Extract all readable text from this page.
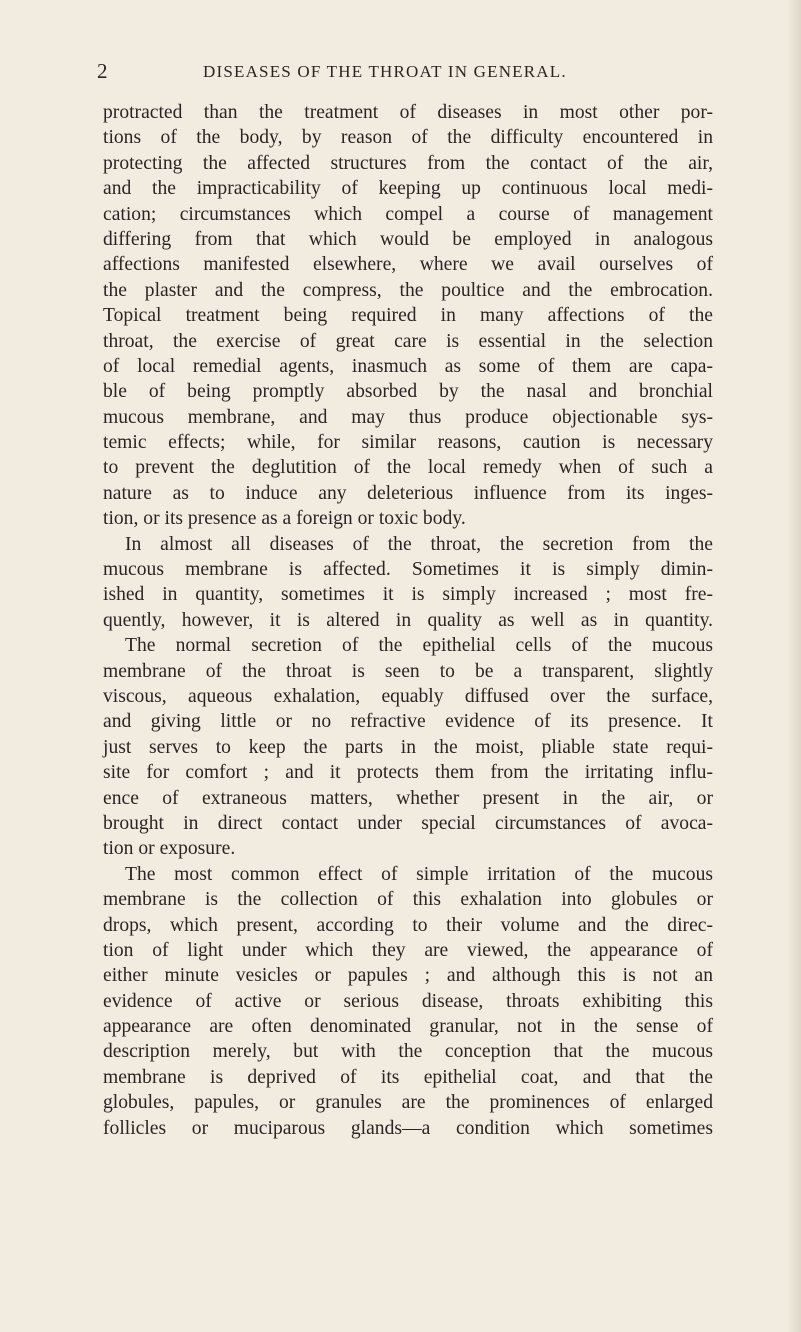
2	DISEASES OF THE THROAT IN GENERAL.
protracted than the treatment of diseases in most other por-
tions of the body, by reason of the difficulty encountered in
protecting the affected structures from the contact of the air,
and the impracticability of keeping up continuous local medi-
cation; circumstances which compel a course of management
differing from that which would be employed in analogous
affections manifested elsewhere, where we avail ourselves of
the plaster and the compress, the poultice and the embrocation.
Topical treatment being required in many affections of the
throat, the exercise of great care is essential in the selection
of local remedial agents, inasmuch as some of them are capa-
ble of being promptly absorbed by the nasal and bronchial
mucous membrane, and may thus produce objectionable sys-
temic effects; while, for similar reasons, caution is necessary
to prevent the deglutition of the local remedy when of such a
nature as to induce any deleterious influence from its inges-
tion, or its presence as a foreign or toxic body.
In almost all diseases of the throat, the secretion from the
mucous membrane is affected. Sometimes it is simply dimin-
ished in quantity, sometimes it is simply increased ; most fre-
quently, however, it is altered in quality as well as in quantity.
The normal secretion of the epithelial cells of the mucous
membrane of the throat is seen to be a transparent, slightly
viscous, aqueous exhalation, equably diffused over the surface,
and giving little or no refractive evidence of its presence. It
just serves to keep the parts in the moist, pliable state requi-
site for comfort ; and it protects them from the irritating influ-
ence of extraneous matters, whether present in the air, or
brought in direct contact under special circumstances of avoca-
tion or exposure.
The most common effect of simple irritation of the mucous
membrane is the collection of this exhalation into globules or
drops, which present, according to their volume and the direc-
tion of light under which they are viewed, the appearance of
either minute vesicles or papules ; and although this is not an
evidence of active or serious disease, throats exhibiting this
appearance are often denominated granular, not in the sense of
description merely, but with the conception that the mucous
membrane is deprived of its epithelial coat, and that the
globules, papules, or granules are the prominences of enlarged
follicles or muciparous glands—a condition which sometimes
